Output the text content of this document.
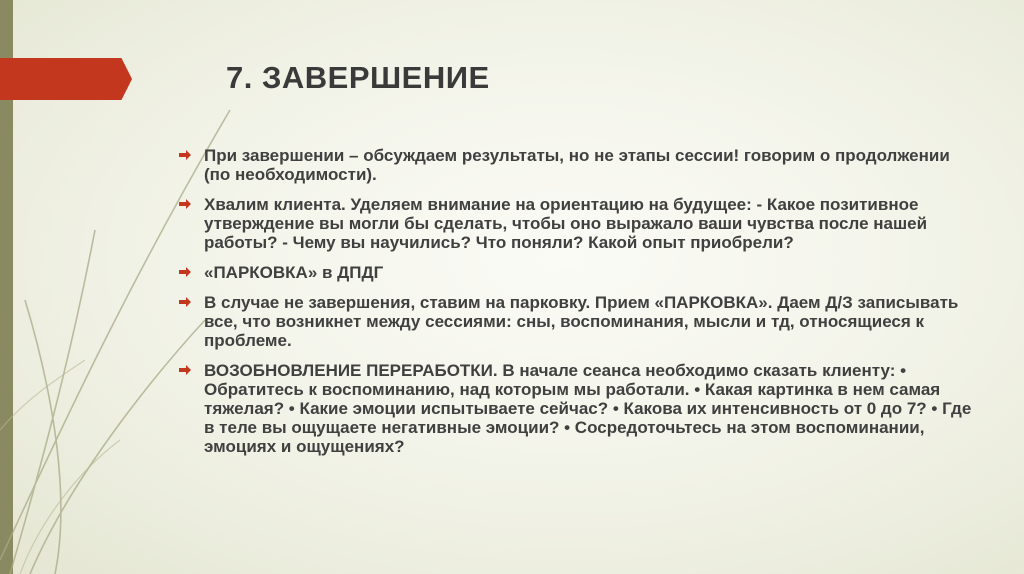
7. ЗАВЕРШЕНИЕ
При завершении – обсуждаем результаты, но не этапы сессии! говорим о продолжении (по необходимости).
Хвалим клиента. Уделяем внимание на ориентацию на будущее: - Какое позитивное утверждение вы могли бы сделать, чтобы оно выражало ваши чувства после нашей работы? - Чему вы научились? Что поняли? Какой опыт приобрели?
«ПАРКОВКА» в ДПДГ
В случае не завершения, ставим на парковку. Прием «ПАРКОВКА». Даем Д/З записывать все, что возникнет между сессиями: сны, воспоминания, мысли и тд, относящиеся к проблеме.
ВОЗОБНОВЛЕНИЕ ПЕРЕРАБОТКИ. В начале сеанса необходимо сказать клиенту: • Обратитесь к воспоминанию, над которым мы работали. • Какая картинка в нем самая тяжелая? • Какие эмоции испытываете сейчас? • Какова их интенсивность от 0 до 7? • Где в теле вы ощущаете негативные эмоции? • Сосредоточьтесь на этом воспоминании, эмоциях и ощущениях?
